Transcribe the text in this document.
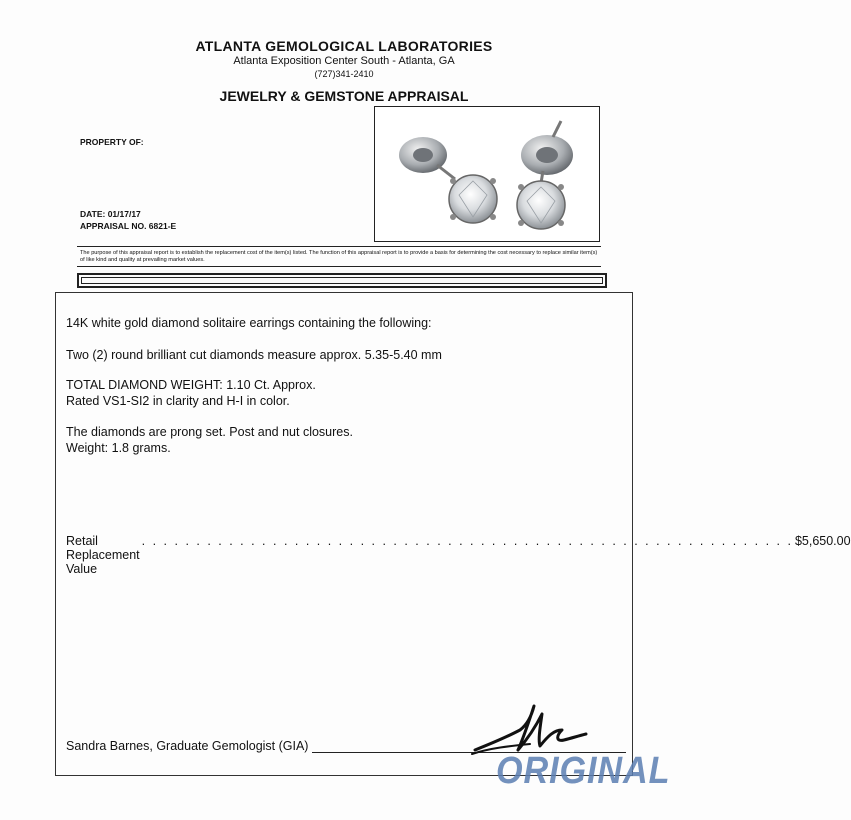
ATLANTA GEMOLOGICAL LABORATORIES
Atlanta Exposition Center South - Atlanta, GA
(727)341-2410
JEWELRY & GEMSTONE APPRAISAL
PROPERTY OF:
DATE: 01/17/17
APPRAISAL NO. 6821-E
The purpose of this appraisal report is to establish the replacement cost of the item(s) listed. The function of this appraisal report is to provide a basis for determining the cost necessary to replace similar item(s) of like kind and quality at prevailing market values.
14K white gold diamond solitaire earrings containing the following:
Two (2) round brilliant cut diamonds measure approx. 5.35-5.40 mm
TOTAL DIAMOND WEIGHT: 1.10 Ct. Approx.
Rated VS1-SI2 in clarity and H-I in color.
The diamonds are prong set. Post and nut closures.
Weight: 1.8 grams.
Retail Replacement Value
. . . . . . . . . . . . . . . . . . . . . . . . . . . . . . . . . . . . . . . . . . . . . . . . . . . . . . . . . . . . $5,650.00
Sandra Barnes, Graduate Gemologist (GIA)
ORIGINAL
